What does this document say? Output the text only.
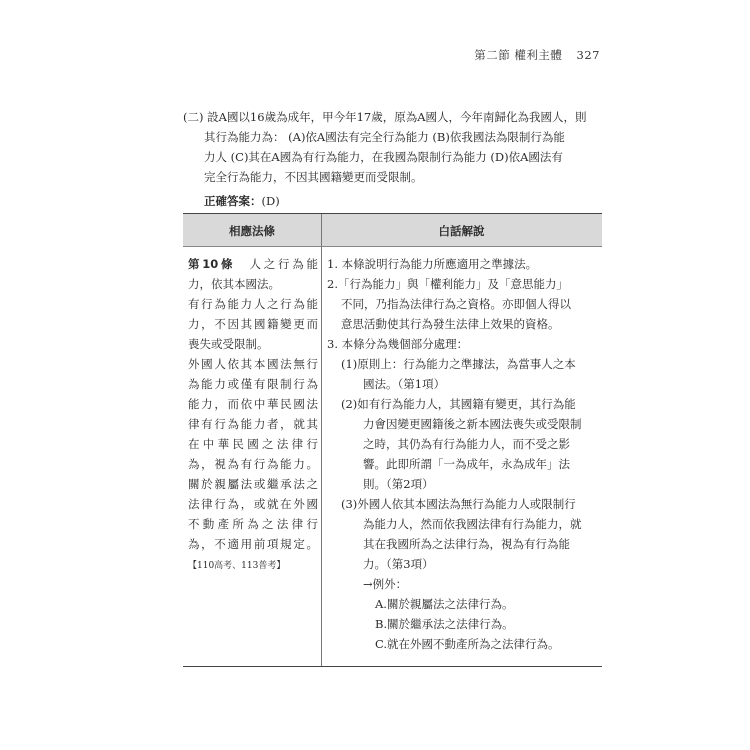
第二節 權利主體 327
(二) 設A國以16歲為成年，甲今年17歲，原為A國人，今年南歸化為我國人，則
其行為能力為： (A)依A國法有完全行為能力 (B)依我國法為限制行為能
力人 (C)其在A國為有行為能力，在我國為限制行為能力 (D)依A國法有
完全行為能力，不因其國籍變更而受限制。
正確答案：(D)
相應法條	白話解說
第10條　 人之行為能
力，依其本國法。
有行為能力人之行為能
力，不因其國籍變更而
喪失或受限制。
外國人依其本國法無行
為能力或僅有限制行為
能力，而依中華民國法
律有行為能力者，就其
在中華民國之法律行
為，視為有行為能力。
關於親屬法或繼承法之
法律行為，或就在外國
不動產所為之法律行
為，不適用前項規定。
【110高考、113普考】
1. 本條說明行為能力所應適用之準據法。
2.「行為能力」與「權利能力」及「意思能力」
不同，乃指為法律行為之資格。亦即個人得以
意思活動使其行為發生法律上效果的資格。
3. 本條分為幾個部分處理：
(1)原則上：行為能力之準據法，為當事人之本
國法。（第1項）
(2)如有行為能力人，其國籍有變更，其行為能
力會因變更國籍後之新本國法喪失或受限制
之時，其仍為有行為能力人，而不受之影
響。此即所謂「一為成年，永為成年」法
則。（第2項）
(3)外國人依其本國法為無行為能力人或限制行
為能力人，然而依我國法律有行為能力，就
其在我國所為之法律行為，視為有行為能
力。（第3項）
→例外：
A.關於親屬法之法律行為。
B.關於繼承法之法律行為。
C.就在外國不動產所為之法律行為。
